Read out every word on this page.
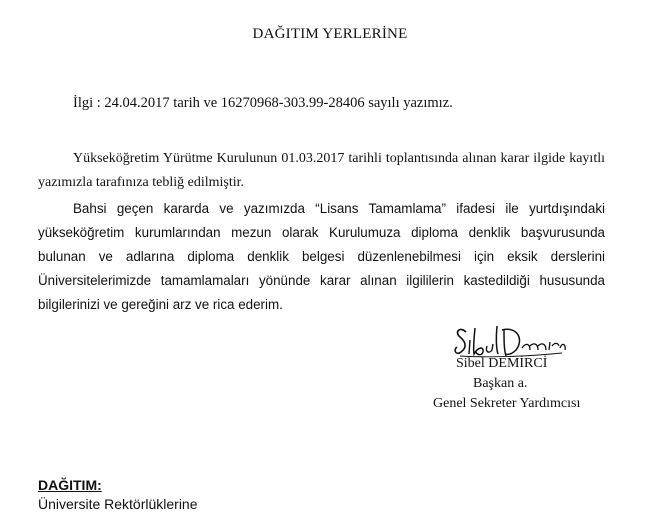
DAĞITIM YERLERİNE
İlgi : 24.04.2017 tarih ve 16270968-303.99-28406 sayılı yazımız.
Yükseköğretim Yürütme Kurulunun 01.03.2017 tarihli toplantısında alınan karar ilgide kayıtlı yazımızla tarafınıza tebliğ edilmiştir.
Bahsi geçen kararda ve yazımızda “Lisans Tamamlama” ifadesi ile yurtdışındaki yükseköğretim kurumlarından mezun olarak Kurulumuza diploma denklik başvurusunda bulunan ve adlarına diploma denklik belgesi düzenlenebilmesi için eksik derslerini Üniversitelerimizde tamamlamaları yönünde karar alınan ilgililerin kastedildiği hususunda bilgilerinizi ve gereğini arz ve rica ederim.
Sibel DEMİRCİ
Başkan a.
Genel Sekreter Yardımcısı
DAĞITIM:
Üniversite Rektörlüklerine
